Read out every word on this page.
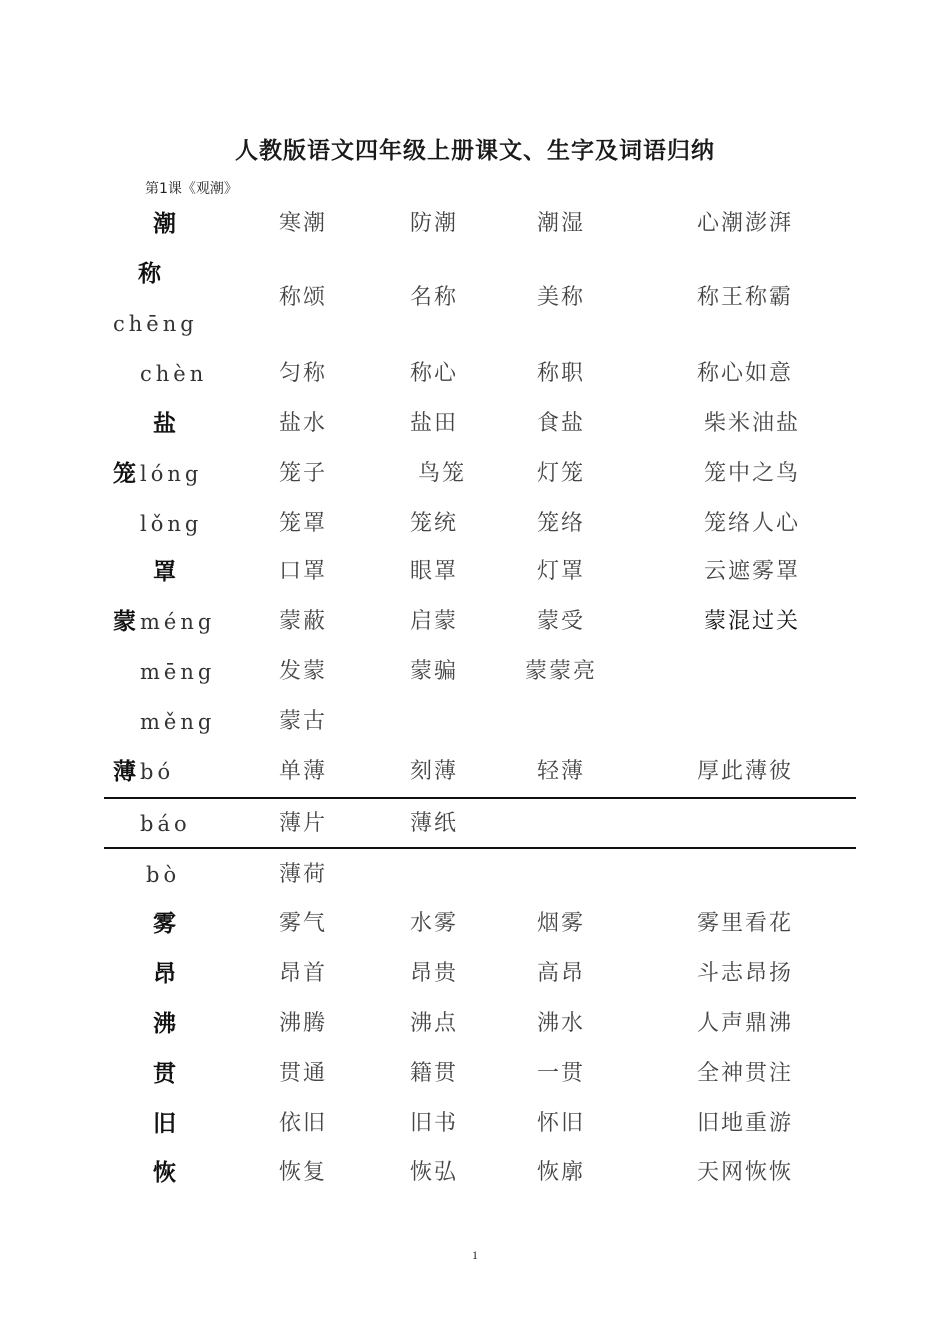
人教版语文四年级上册课文、生字及词语归纳
第1课《观潮》
潮	寒潮	防潮	潮湿	心潮澎湃
称
chēng
称颂	名称	美称	称王称霸
chèn	匀称	称心	称职	称心如意
盐	盐水	盐田	食盐	柴米油盐
笼 lóng	笼子	鸟笼	灯笼	笼中之鸟
lǒng	笼罩	笼统	笼络	笼络人心
罩	口罩	眼罩	灯罩	云遮雾罩
蒙 méng	蒙蔽	启蒙	蒙受	蒙混过关
mēng	发蒙	蒙骗	蒙蒙亮
měng	蒙古
薄 bó	单薄	刻薄	轻薄	厚此薄彼
báo	薄片	薄纸
bò	薄荷
雾	雾气	水雾	烟雾	雾里看花
昂	昂首	昂贵	高昂	斗志昂扬
沸	沸腾	沸点	沸水	人声鼎沸
贯	贯通	籍贯	一贯	全神贯注
旧	依旧	旧书	怀旧	旧地重游
恢	恢复	恢弘	恢廓	天网恢恢
1
